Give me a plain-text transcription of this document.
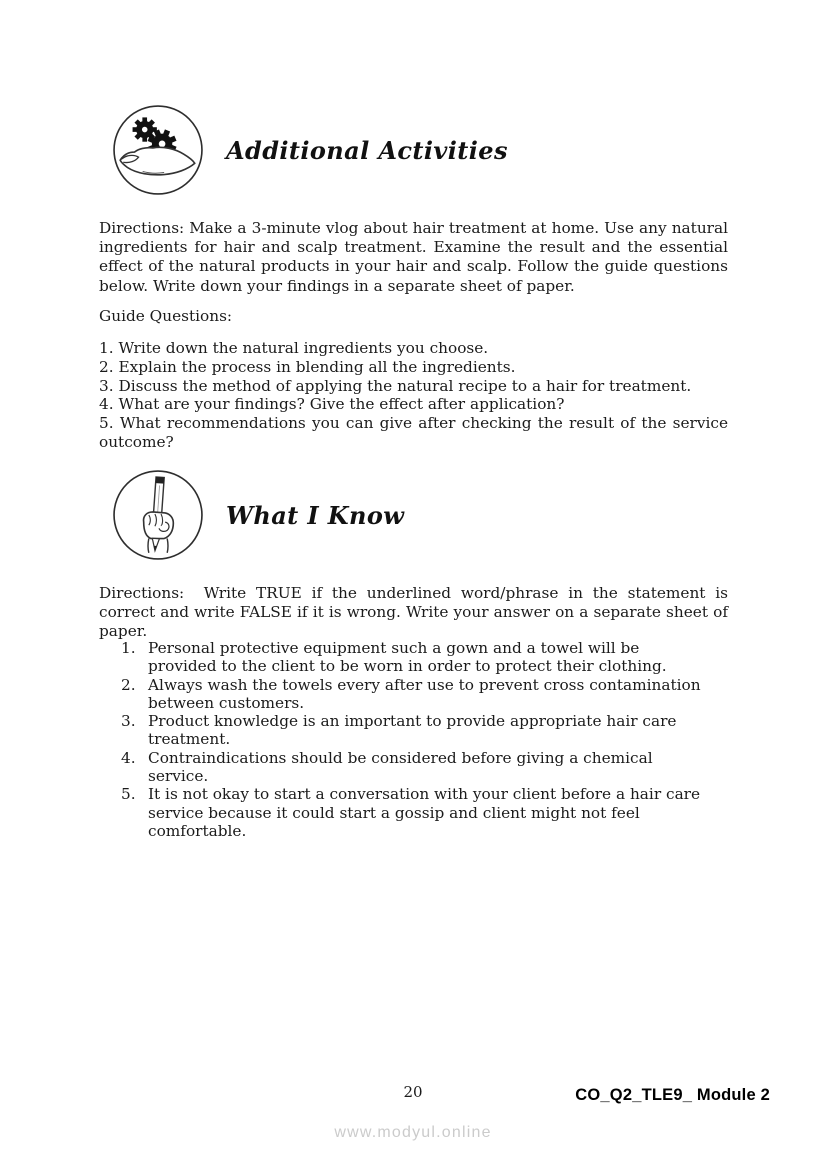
Additional Activities
Directions: Make a 3-minute vlog about hair treatment at home. Use any natural ingredients for hair and scalp treatment. Examine the result and the essential effect of the natural products in your hair and scalp. Follow the guide questions below. Write down your findings in a separate sheet of paper.
Guide Questions:
Write down the natural ingredients you choose.
Explain the process in blending all the ingredients.
Discuss the method of applying the natural recipe to a hair for treatment.
What are your findings? Give the effect after application?
What recommendations you can give after checking the result of the service outcome?
What I Know
Directions:  Write TRUE if the underlined word/phrase in the statement is correct and write FALSE if it is wrong. Write your answer on a separate sheet of paper.
1. Personal protective equipment such a gown and a towel will be provided to the client to be worn in order to protect their clothing.
2. Always wash the towels every after use to prevent cross contamination between customers.
3. Product knowledge is an important to provide appropriate hair care treatment.
4. Contraindications should be considered before giving a chemical service.
5. It is not okay to start a conversation with your client before a hair care service because it could start a gossip and client might not feel comfortable.
20	CO_Q2_TLE9_ Module 2
www.modyul.online
